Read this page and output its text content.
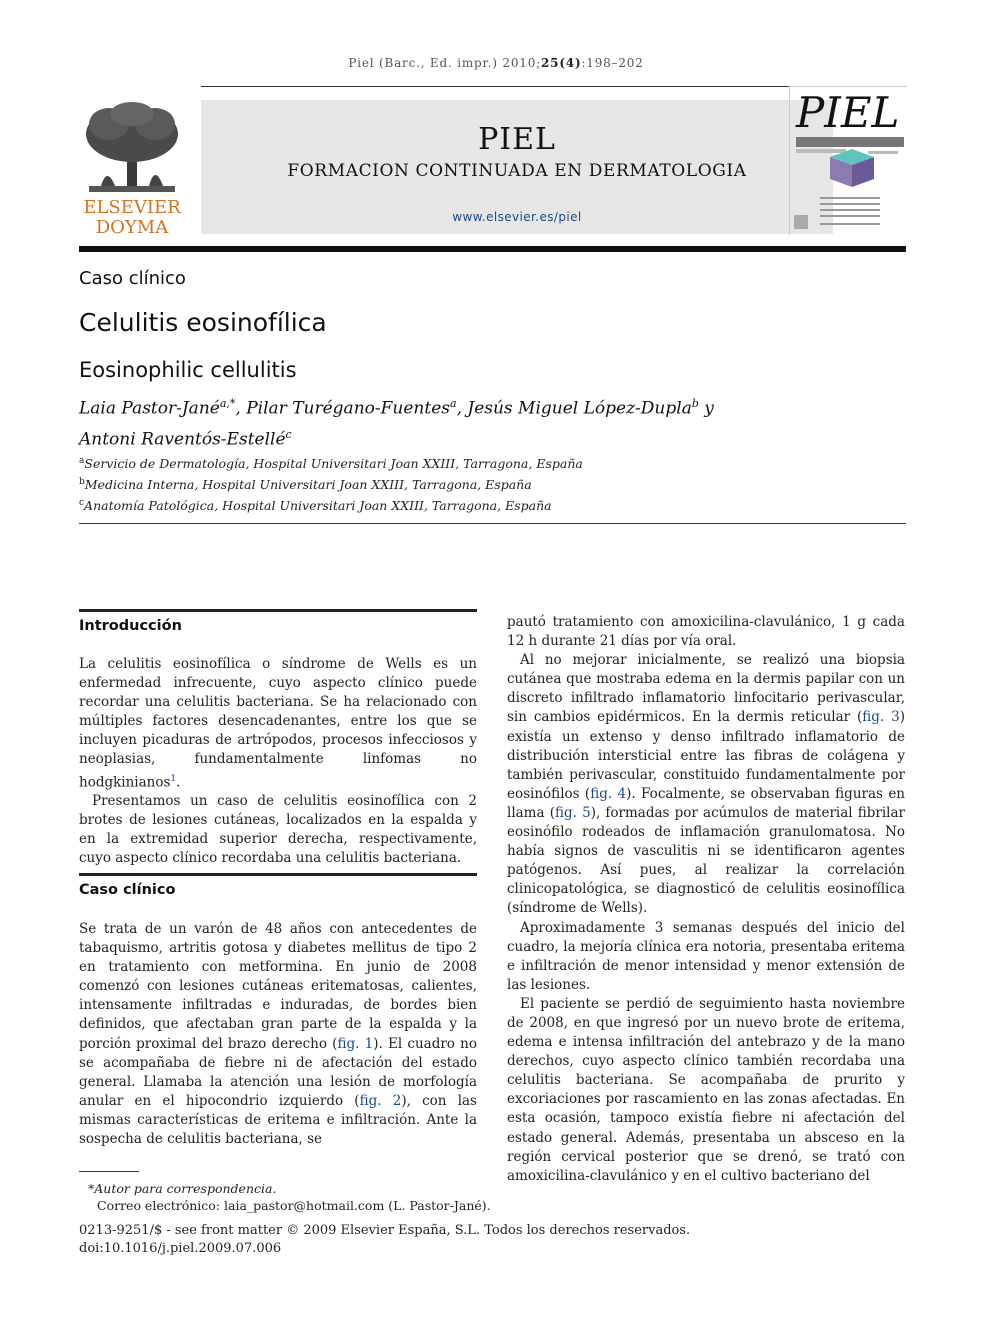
Piel (Barc., Ed. impr.) 2010;25(4):198–202
ELSEVIER
DOYMA
PIEL
FORMACION CONTINUADA EN DERMATOLOGIA
www.elsevier.es/piel
PIEL
Caso clínico
Celulitis eosinofílica
Eosinophilic cellulitis
Laia Pastor-Jané$^{a,*}$, Pilar Turégano-Fuentes$^a$, Jesús Miguel López-Dupla$^b$ y
Antoni Raventós-Estellé$^c$
$^a$Servicio de Dermatología, Hospital Universitari Joan XXIII, Tarragona, España
$^b$Medicina Interna, Hospital Universitari Joan XXIII, Tarragona, España
$^c$Anatomía Patológica, Hospital Universitari Joan XXIII, Tarragona, España
Introducción

La celulitis eosinofílica o síndrome de Wells es un enfermedad infrecuente, cuyo aspecto clínico puede recordar una celulitis bacteriana. Se ha relacionado con múltiples factores desencadenantes, entre los que se incluyen picaduras de artrópodos, procesos infecciosos y neoplasias, fundamentalmente linfomas no hodgkinianos$^1$.

Presentamos un caso de celulitis eosinofílica con 2 brotes de lesiones cutáneas, localizados en la espalda y en la extremidad superior derecha, respectivamente, cuyo aspecto clínico recordaba una celulitis bacteriana.

Caso clínico

Se trata de un varón de 48 años con antecedentes de tabaquismo, artritis gotosa y diabetes mellitus de tipo 2 en tratamiento con metformina. En junio de 2008 comenzó con lesiones cutáneas eritematosas, calientes, intensamente infiltradas e induradas, de bordes bien definidos, que afectaban gran parte de la espalda y la porción proximal del brazo derecho (fig. 1). El cuadro no se acompañaba de fiebre ni de afectación del estado general. Llamaba la atención una lesión de morfología anular en el hipocondrio izquierdo (fig. 2), con las mismas características de eritema e infiltración. Ante la sospecha de celulitis bacteriana, se

pautó tratamiento con amoxicilina-clavulánico, 1 g cada 12 h durante 21 días por vía oral.

Al no mejorar inicialmente, se realizó una biopsia cutánea que mostraba edema en la dermis papilar con un discreto infiltrado inflamatorio linfocitario perivascular, sin cambios epidérmicos. En la dermis reticular (fig. 3) existía un extenso y denso infiltrado inflamatorio de distribución intersticial entre las fibras de colágena y también perivascular, constituido fundamentalmente por eosinófilos (fig. 4). Focalmente, se observaban figuras en llama (fig. 5), formadas por acúmulos de material fibrilar eosinófilo rodeados de inflamación granulomatosa. No había signos de vasculitis ni se identificaron agentes patógenos. Así pues, al realizar la correlación clinicopatológica, se diagnosticó de celulitis eosinofílica (síndrome de Wells).

Aproximadamente 3 semanas después del inicio del cuadro, la mejoría clínica era notoria, presentaba eritema e infiltración de menor intensidad y menor extensión de las lesiones.

El paciente se perdió de seguimiento hasta noviembre de 2008, en que ingresó por un nuevo brote de eritema, edema e intensa infiltración del antebrazo y de la mano derechos, cuyo aspecto clínico también recordaba una celulitis bacteriana. Se acompañaba de prurito y excoriaciones por rascamiento en las zonas afectadas. En esta ocasión, tampoco existía fiebre ni afectación del estado general. Además, presentaba un absceso en la región cervical posterior que se drenó, se trató con amoxicilina-clavulánico y en el cultivo bacteriano del

*Autor para correspondencia.
Correo electrónico: laia_pastor@hotmail.com (L. Pastor-Jané).
0213-9251/$ - see front matter © 2009 Elsevier España, S.L. Todos los derechos reservados.
doi:10.1016/j.piel.2009.07.006
